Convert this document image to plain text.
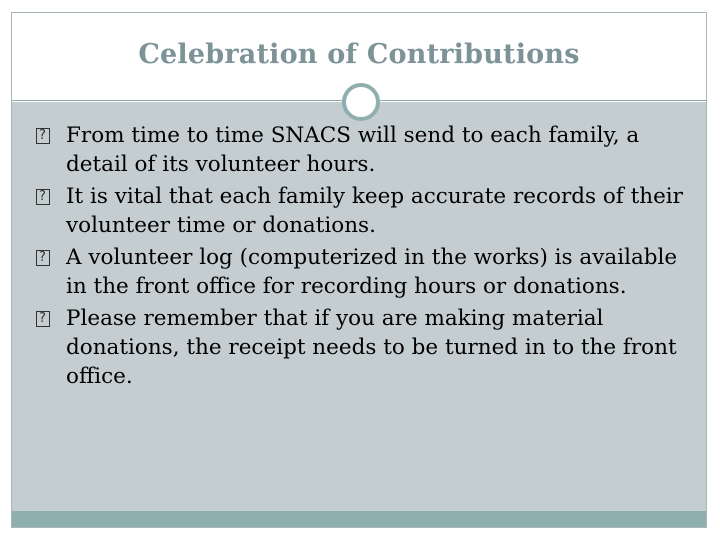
Celebration of Contributions
?
From time to time SNACS will send to each family, a detail of its volunteer hours.
?
It is vital that each family keep accurate records of their volunteer time or donations.
?
A volunteer log (computerized in the works) is available in the front office for recording hours or donations.
?
Please remember that if you are making material donations, the receipt needs to be turned in to the front office.
